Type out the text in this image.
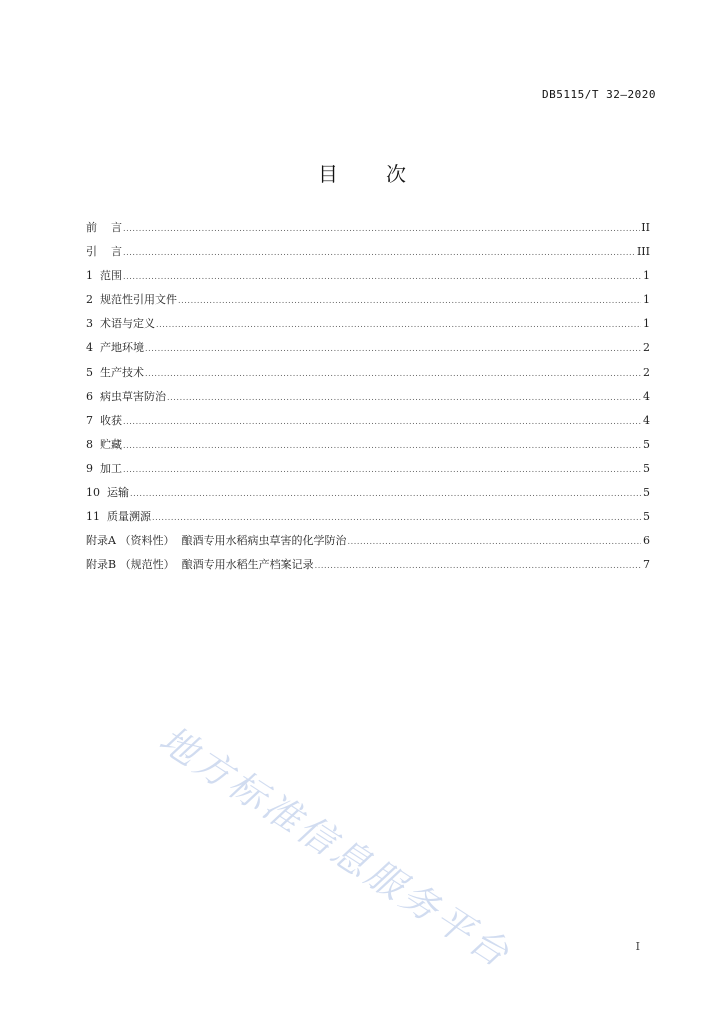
DB5115/T 32—2020
目 次
前 言 .....	II
引 言 .....	III
1 范围 .....	1
2 规范性引用文件 .....	1
3 术语与定义 .....	1
4 产地环境 .....	2
5 生产技术 .....	2
6 病虫草害防治 .....	4
7 收获 .....	4
8 贮藏 .....	5
9 加工 .....	5
10 运输 .....	5
11 质量溯源 .....	5
附录A （资料性）  酿酒专用水稻病虫草害的化学防治 .....	6
附录B （规范性）  酿酒专用水稻生产档案记录 .....	7
地方标准信息服务平台	I
